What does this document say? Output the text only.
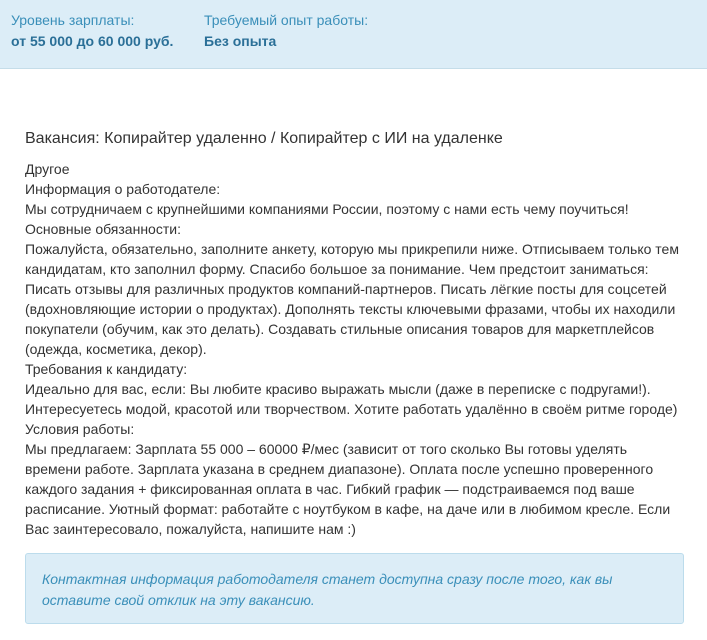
Уровень зарплаты:
от 55 000 до 60 000 руб.
Требуемый опыт работы:
Без опыта
Вакансия: Копирайтер удаленно / Копирайтер с ИИ на удаленке
Другое
Информация о работодателе:
Мы сотрудничаем с крупнейшими компаниями России, поэтому с нами есть чему поучиться!
Основные обязанности:
Пожалуйста, обязательно, заполните анкету, которую мы прикрепили ниже. Отписываем только тем
кандидатам, кто заполнил форму. Спасибо большое за понимание. Чем предстоит заниматься:
Писать отзывы для различных продуктов компаний-партнеров. Писать лёгкие посты для соцсетей
(вдохновляющие истории о продуктах). Дополнять тексты ключевыми фразами, чтобы их находили
покупатели (обучим, как это делать). Создавать стильные описания товаров для маркетплейсов
(одежда, косметика, декор).
Требования к кандидату:
Идеально для вас, если: Вы любите красиво выражать мысли (даже в переписке с подругами!).
Интересуетесь модой, красотой или творчеством. Хотите работать удалённо в своём ритме городе)
Условия работы:
Мы предлагаем: Зарплата 55 000 – 60000 ₽/мес (зависит от того сколько Вы готовы уделять
времени работе. Зарплата указана в среднем диапазоне). Оплата после успешно проверенного
каждого задания + фиксированная оплата в час. Гибкий график — подстраиваемся под ваше
расписание. Уютный формат: работайте с ноутбуком в кафе, на даче или в любимом кресле. Если
Вас заинтересовало, пожалуйста, напишите нам :)
Контактная информация работодателя станет доступна сразу после того, как вы
оставите свой отклик на эту вакансию.
